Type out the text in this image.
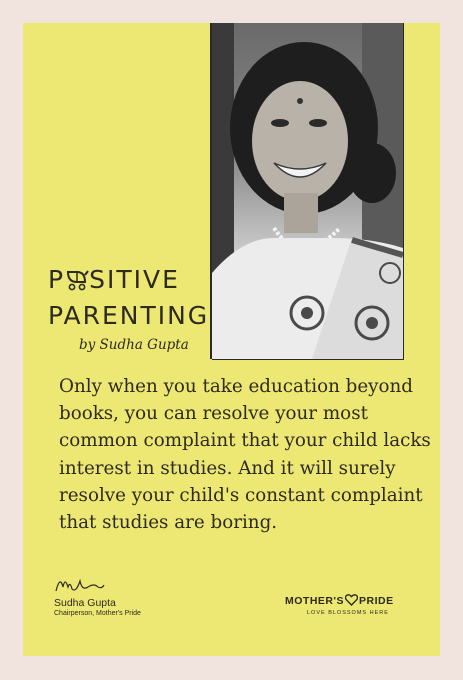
P SITIVE
PARENTING
by Sudha Gupta

Only when you take education beyond books, you can resolve your most common complaint that your child lacks interest in studies. And it will surely resolve your child's constant complaint that studies are boring.

Sudha Gupta
Chairperson, Mother's Pride
MOTHER'S PRIDE
LOVE BLOSSOMS HERE
